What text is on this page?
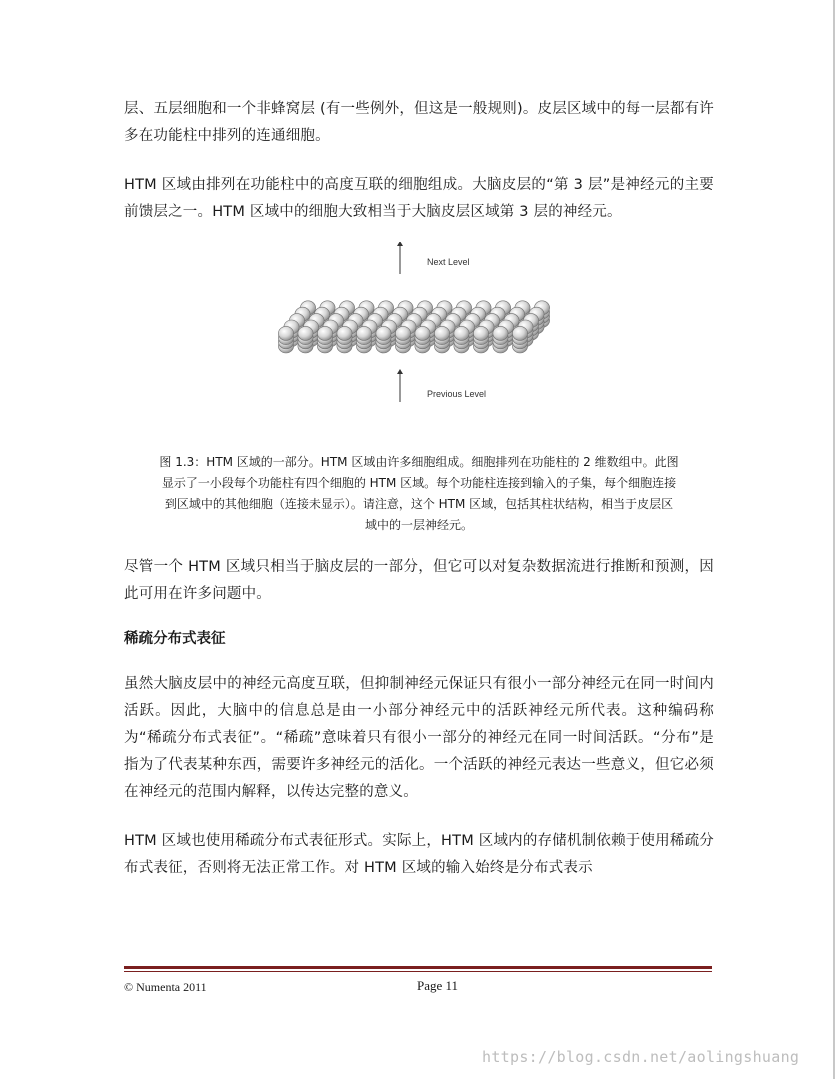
层、五层细胞和一个非蜂窝层 (有一些例外，但这是一般规则)。皮层区域中的每一层都有许多在功能柱中排列的连通细胞。

HTM 区域由排列在功能柱中的高度互联的细胞组成。大脑皮层的“第 3 层”是神经元的主要前馈层之一。HTM 区域中的细胞大致相当于大脑皮层区域第 3 层的神经元。

Next Level
Previous Level
图 1.3：HTM 区域的一部分。HTM 区域由许多细胞组成。细胞排列在功能柱的 2 维数组中。此图
显示了一小段每个功能柱有四个细胞的 HTM 区域。每个功能柱连接到输入的子集，每个细胞连接
到区域中的其他细胞（连接未显示）。请注意，这个 HTM 区域，包括其柱状结构，相当于皮层区
域中的一层神经元。

尽管一个 HTM 区域只相当于脑皮层的一部分，但它可以对复杂数据流进行推断和预测，因此可用在许多问题中。

稀疏分布式表征

虽然大脑皮层中的神经元高度互联，但抑制神经元保证只有很小一部分神经元在同一时间内活跃。因此，大脑中的信息总是由一小部分神经元中的活跃神经元所代表。这种编码称为“稀疏分布式表征”。“稀疏”意味着只有很小一部分的神经元在同一时间活跃。“分布”是指为了代表某种东西，需要许多神经元的活化。一个活跃的神经元表达一些意义，但它必须在神经元的范围内解释，以传达完整的意义。

HTM 区域也使用稀疏分布式表征形式。实际上，HTM 区域内的存储机制依赖于使用稀疏分布式表征，否则将无法正常工作。对 HTM 区域的输入始终是分布式表示

© Numenta 2011	Page 11
https://blog.csdn.net/aolingshuang
